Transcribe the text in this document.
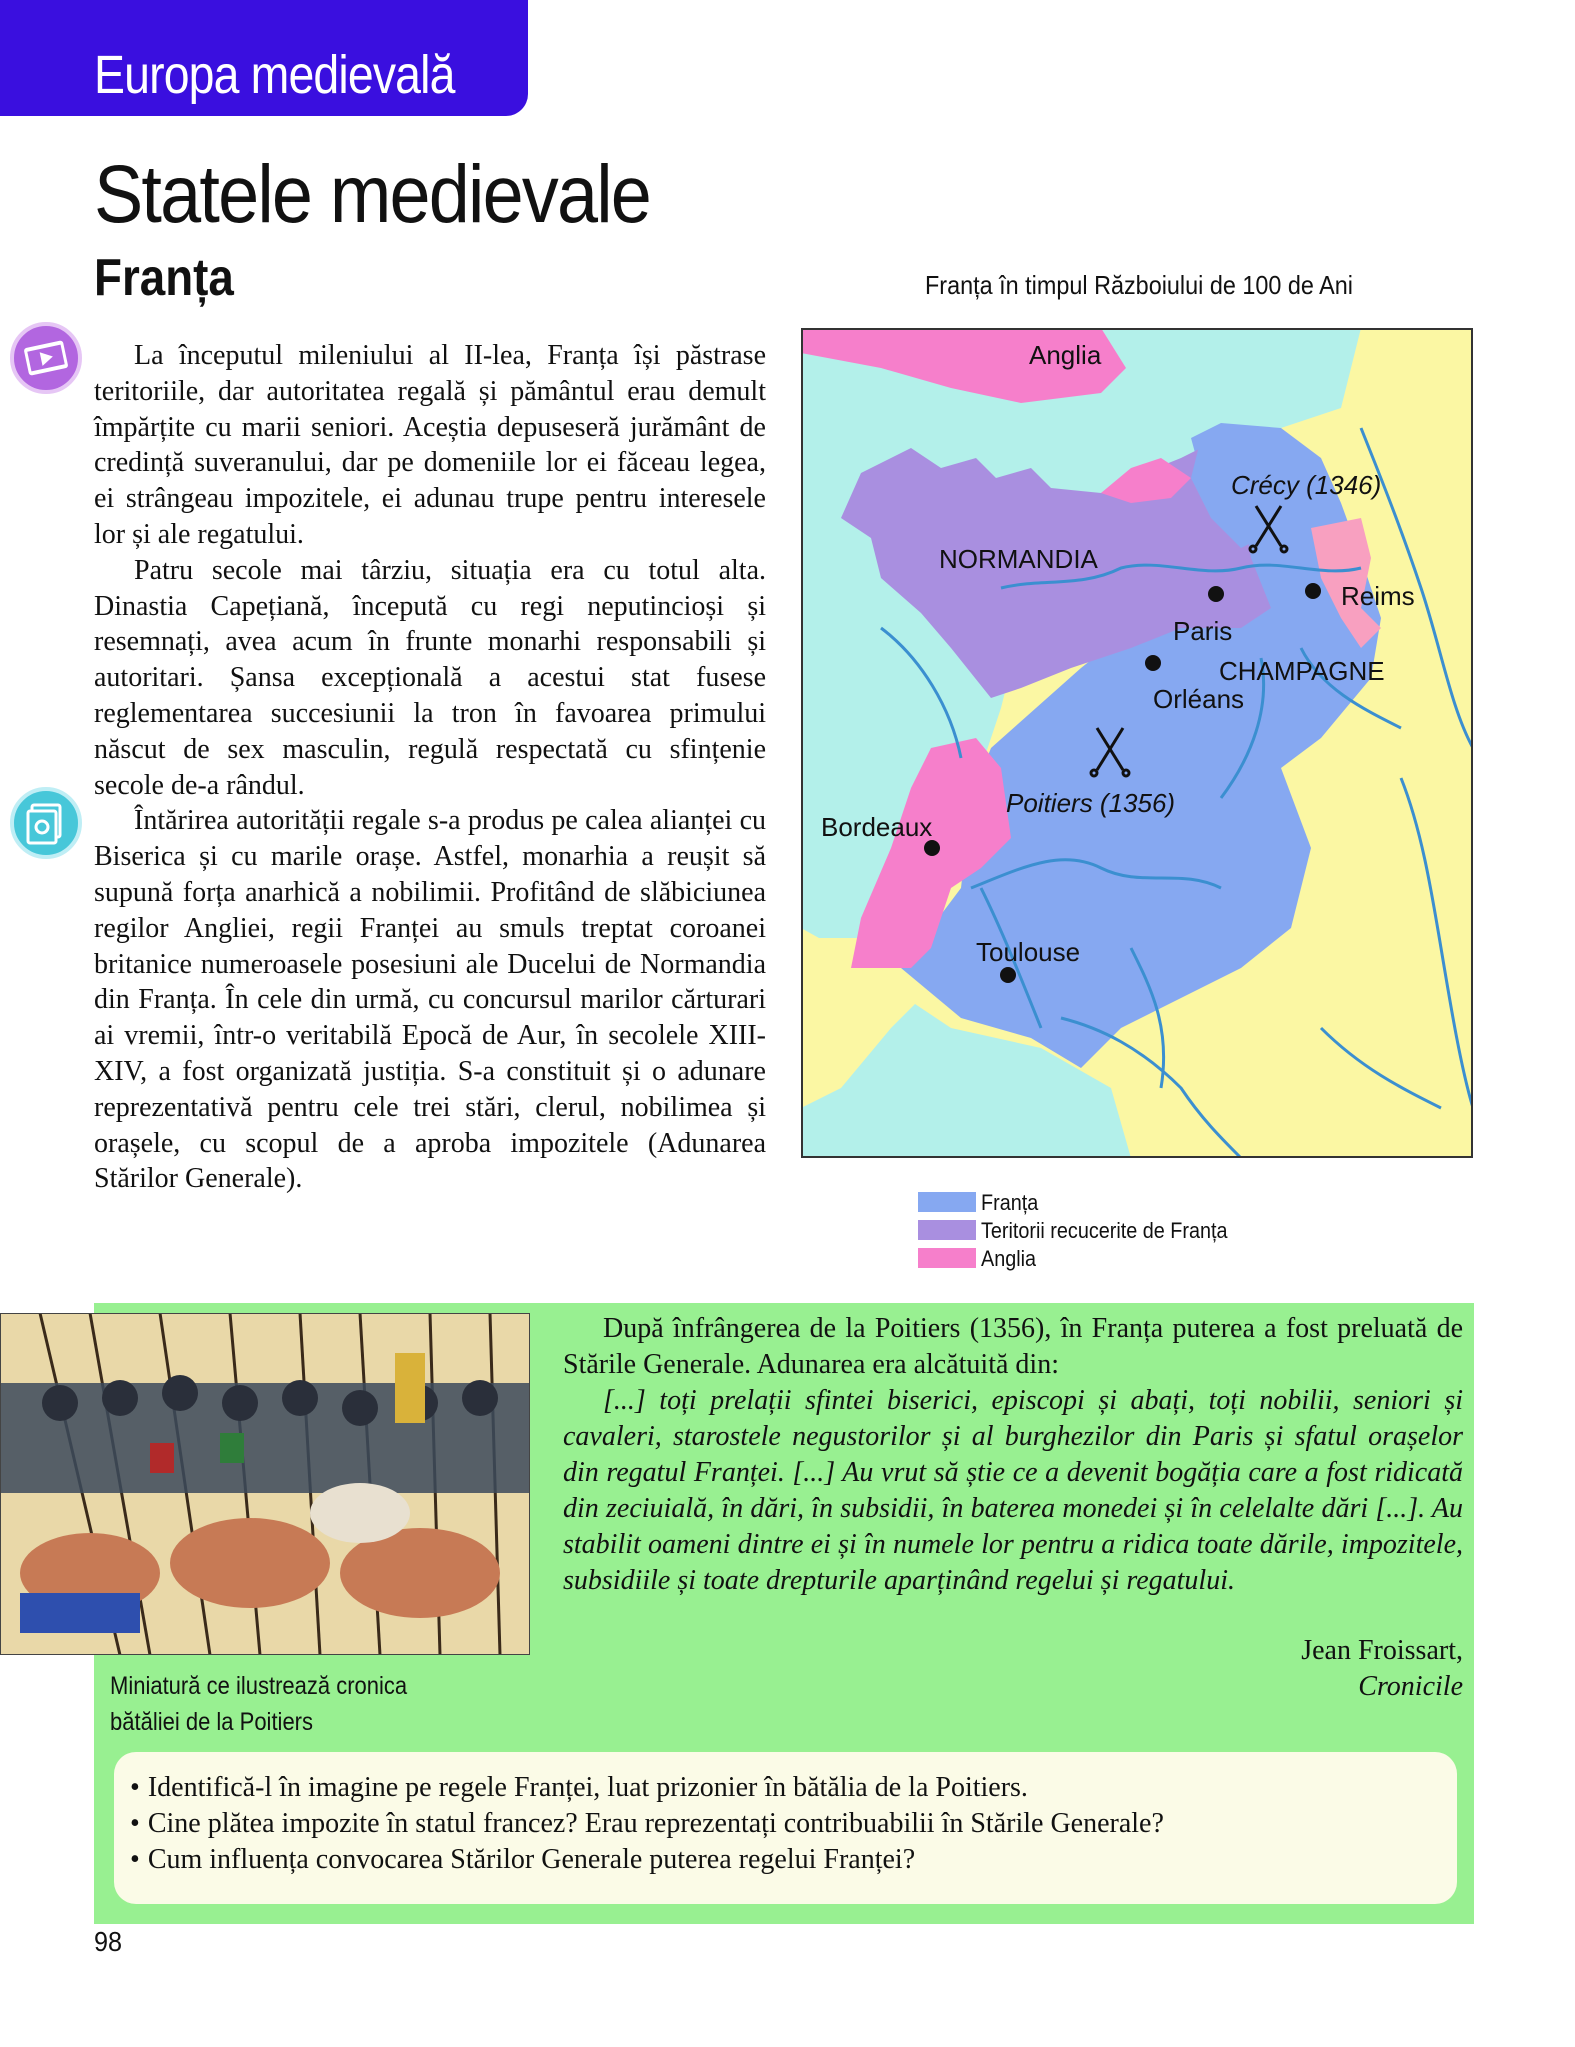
Europa medievală
Statele medievale
Franța

La începutul mileniului al II-lea, Franța își păstrase teritoriile, dar autoritatea regală și pământul erau demult împărțite cu marii seniori. Aceștia depuseseră jurământ de credință suveranului, dar pe domeniile lor ei făceau legea, ei strângeau impozitele, ei adunau trupe pentru interesele lor și ale regatului.

Patru secole mai târziu, situația era cu totul alta. Dinastia Capețiană, începută cu regi neputincioși și resemnați, avea acum în frunte monarhi responsabili și autoritari. Șansa excepțională a acestui stat fusese reglementarea succesiunii la tron în favoarea primului născut de sex masculin, regulă respectată cu sfințenie secole de-a rândul.

Întărirea autorității regale s-a produs pe calea alianței cu Biserica și cu marile orașe. Astfel, monarhia a reușit să supună forța anarhică a nobilimii. Profitând de slăbiciunea regilor Angliei, regii Franței au smuls treptat coroanei britanice numeroasele posesiuni ale Ducelui de Normandia din Franța. În cele din urmă, cu concursul marilor cărturari ai vremii, într-o veritabilă Epocă de Aur, în secolele XIII-XIV, a fost organizată justiția. S-a constituit și o adunare reprezentativă pentru cele trei stări, clerul, nobilimea și orașele, cu scopul de a aproba impozitele (Adunarea Stărilor Generale).

Franța în timpul Războiului de 100 de Ani
Anglia
NORMANDIA
Crécy (1346)
Reims
Paris
CHAMPAGNE
Orléans
Poitiers (1356)
Bordeaux
Toulouse
Franța
Teritorii recucerite de Franța
Anglia
Miniatură ce ilustrează cronica bătăliei de la Poitiers

După înfrângerea de la Poitiers (1356), în Franța puterea a fost preluată de Stările Generale. Adunarea era alcătuită din:

[...] toți prelații sfintei biserici, episcopi și abați, toți nobilii, seniori și cavaleri, starostele negustorilor și al burghezilor din Paris și sfatul orașelor din regatul Franței. [...] Au vrut să știe ce a devenit bogăția care a fost ridicată din zeciuială, în dări, în subsidii, în baterea monedei și în celelalte dări [...]. Au stabilit oameni dintre ei și în numele lor pentru a ridica toate dările, impozitele, subsidiile și toate drepturile aparținând regelui și regatului.

Jean Froissart,
Cronicile
• Identifică-l în imagine pe regele Franței, luat prizonier în bătălia de la Poitiers.
• Cine plătea impozite în statul francez? Erau reprezentați contribuabilii în Stările Generale?
• Cum influența convocarea Stărilor Generale puterea regelui Franței?
98
